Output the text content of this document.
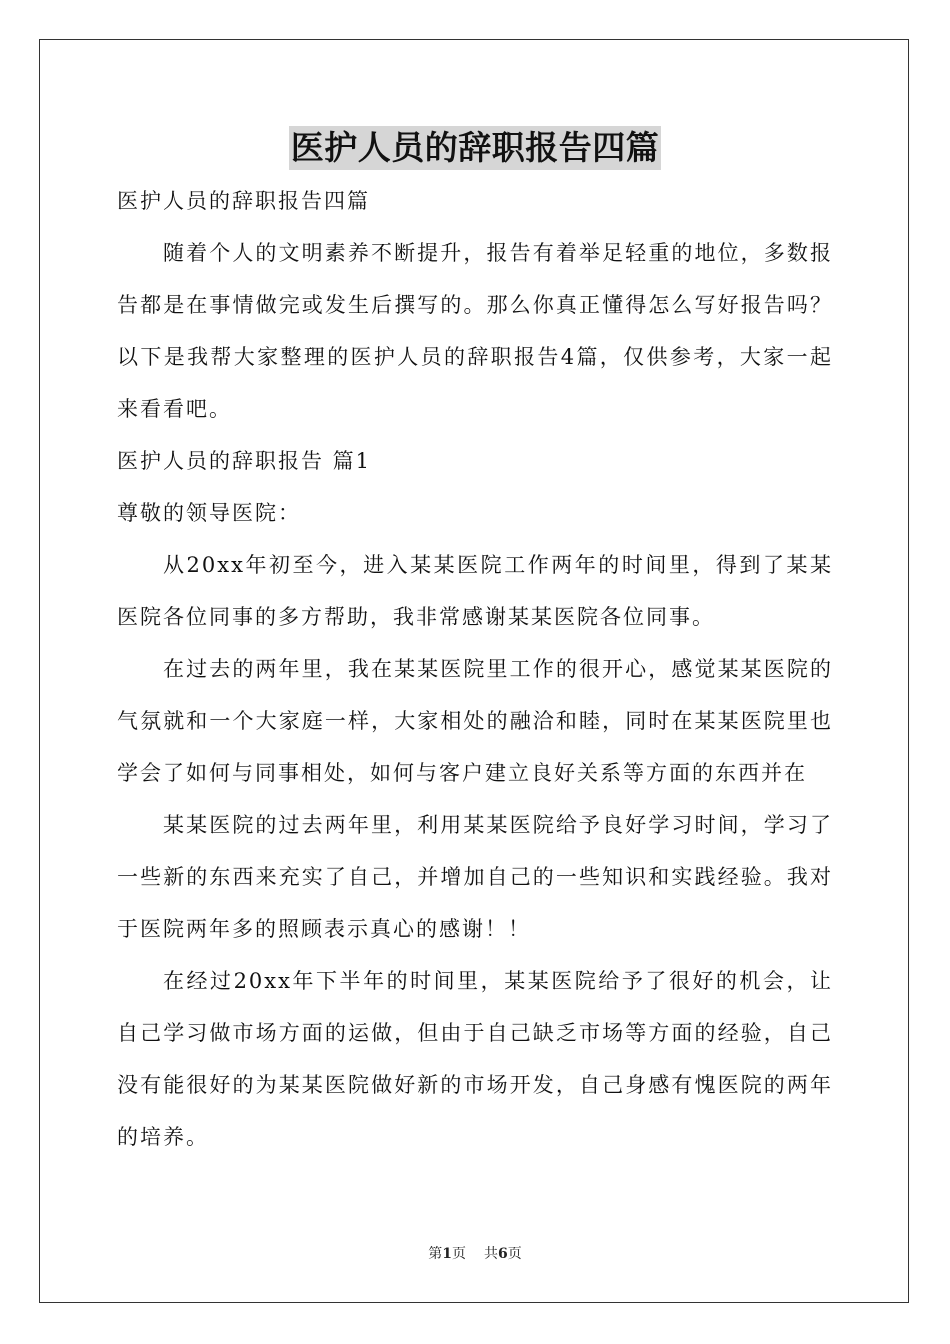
医护人员的辞职报告四篇

医护人员的辞职报告四篇

随着个人的文明素养不断提升，报告有着举足轻重的地位，多数报告都是在事情做完或发生后撰写的。那么你真正懂得怎么写好报告吗？以下是我帮大家整理的医护人员的辞职报告4篇，仅供参考，大家一起来看看吧。

医护人员的辞职报告 篇1

尊敬的领导医院：

从20xx年初至今，进入某某医院工作两年的时间里，得到了某某医院各位同事的多方帮助，我非常感谢某某医院各位同事。

在过去的两年里，我在某某医院里工作的很开心，感觉某某医院的气氛就和一个大家庭一样，大家相处的融洽和睦，同时在某某医院里也学会了如何与同事相处，如何与客户建立良好关系等方面的东西并在

某某医院的过去两年里，利用某某医院给予良好学习时间，学习了一些新的东西来充实了自己，并增加自己的一些知识和实践经验。我对于医院两年多的照顾表示真心的感谢！！

在经过20xx年下半年的时间里，某某医院给予了很好的机会，让自己学习做市场方面的运做，但由于自己缺乏市场等方面的经验，自己没有能很好的为某某医院做好新的市场开发，自己身感有愧医院的两年的培养。

第1页 共6页
